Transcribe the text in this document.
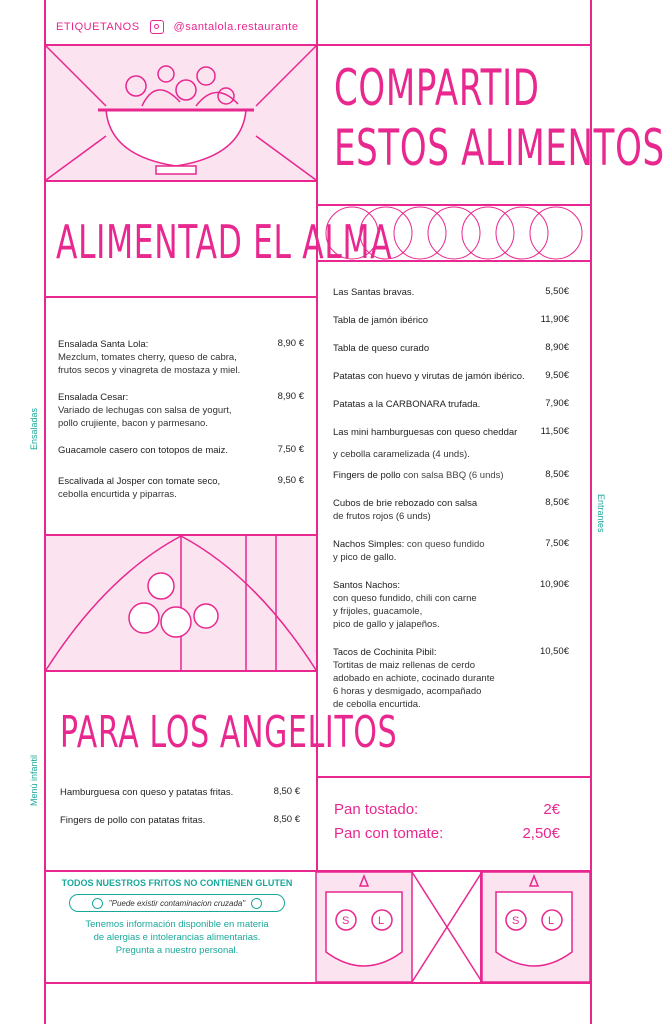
ETIQUETANOS	@santalola.restaurante
COMPARTID
ESTOS ALIMENTOS
ALIMENTAD EL ALMA
Ensalada Santa Lola:	8,90 €
Mezclum, tomates cherry, queso de cabra,
frutos secos y vinagreta de mostaza y miel.
Ensalada Cesar:	8,90 €
Variado de lechugas con salsa de yogurt,
pollo crujiente, bacon y parmesano.
Guacamole casero con totopos de maiz.	7,50 €
Escalivada al Josper con tomate seco,	9,50 €
cebolla encurtida y piparras.
Las Santas bravas.	5,50€
Tabla de jamón ibérico	11,90€
Tabla de queso curado	8,90€
Patatas con huevo y virutas de jamón ibérico. 9,50€
Patatas a la CARBONARA trufada.	7,90€
Las mini hamburguesas con queso cheddar 11,50€
y cebolla caramelizada (4 unds).
Fingers de pollo con salsa BBQ (6 unds)	8,50€
Cubos de brie rebozado con salsa	8,50€
de frutos rojos (6 unds)
Nachos Simples: con queso fundido	7,50€
y pico de gallo.
Santos Nachos:	10,90€
con queso fundido, chili con carne
y frijoles, guacamole,
pico de gallo y jalapeños.
Tacos de Cochinita Pibil:	10,50€
Tortitas de maiz rellenas de cerdo
adobado en achiote, cocinado durante
6 horas y desmigado, acompañado
de cebolla encurtida.
PARA LOS ANGELITOS
Hamburguesa con queso y patatas fritas.	8,50 €
Fingers de pollo con patatas fritas.	8,50 €
Pan tostado:	2€
Pan con tomate:	2,50€
TODOS NUESTROS FRITOS NO CONTIENEN GLUTEN
"Puede existir contaminacion cruzada"
Tenemos información disponible en materia
de alergias e intolerancias alimentarias.
Pregunta a nuestro personal.
S	L	S	L
Ensaladas
Entrantes
Menú infantil
